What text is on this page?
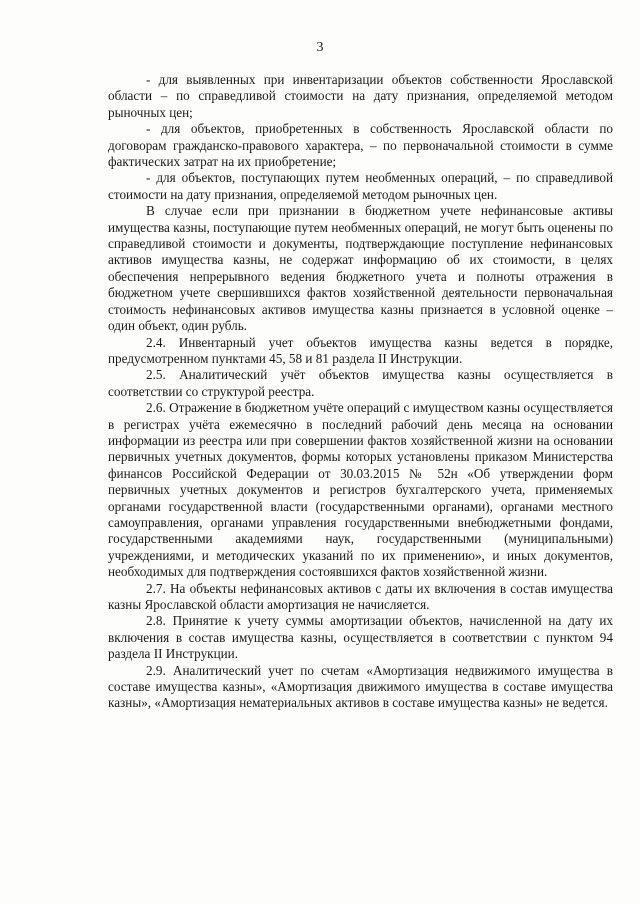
3

- для выявленных при инвентаризации объектов собственности Ярославской области – по справедливой стоимости на дату признания, определяемой методом рыночных цен;

- для объектов, приобретенных в собственность Ярославской области по договорам гражданско-правового характера, – по первоначальной стоимости в сумме фактических затрат на их приобретение;

- для объектов, поступающих путем необменных операций, – по справедливой стоимости на дату признания, определяемой методом рыночных цен.

В случае если при признании в бюджетном учете нефинансовые активы имущества казны, поступающие путем необменных операций, не могут быть оценены по справедливой стоимости и документы, подтверждающие поступление нефинансовых активов имущества казны, не содержат информацию об их стоимости, в целях обеспечения непрерывного ведения бюджетного учета и полноты отражения в бюджетном учете свершившихся фактов хозяйственной деятельности первоначальная стоимость нефинансовых активов имущества казны признается в условной оценке – один объект, один рубль.

2.4. Инвентарный учет объектов имущества казны ведется в порядке, предусмотренном пунктами 45, 58 и 81 раздела II Инструкции.

2.5. Аналитический учёт объектов имущества казны осуществляется в соответствии со структурой реестра.

2.6. Отражение в бюджетном учёте операций с имуществом казны осуществляется в регистрах учёта ежемесячно в последний рабочий день месяца на основании информации из реестра или при совершении фактов хозяйственной жизни на основании первичных учетных документов, формы которых установлены приказом Министерства финансов Российской Федерации от 30.03.2015 № 52н «Об утверждении форм первичных учетных документов и регистров бухгалтерского учета, применяемых органами государственной власти (государственными органами), органами местного самоуправления, органами управления государственными внебюджетными фондами, государственными академиями наук, государственными (муниципальными) учреждениями, и методических указаний по их применению», и иных документов, необходимых для подтверждения состоявшихся фактов хозяйственной жизни.

2.7. На объекты нефинансовых активов с даты их включения в состав имущества казны Ярославской области амортизация не начисляется.

2.8. Принятие к учету суммы амортизации объектов, начисленной на дату их включения в состав имущества казны, осуществляется в соответствии с пунктом 94 раздела II Инструкции.

2.9. Аналитический учет по счетам «Амортизация недвижимого имущества в составе имущества казны», «Амортизация движимого имущества в составе имущества казны», «Амортизация нематериальных активов в составе имущества казны» не ведется.
